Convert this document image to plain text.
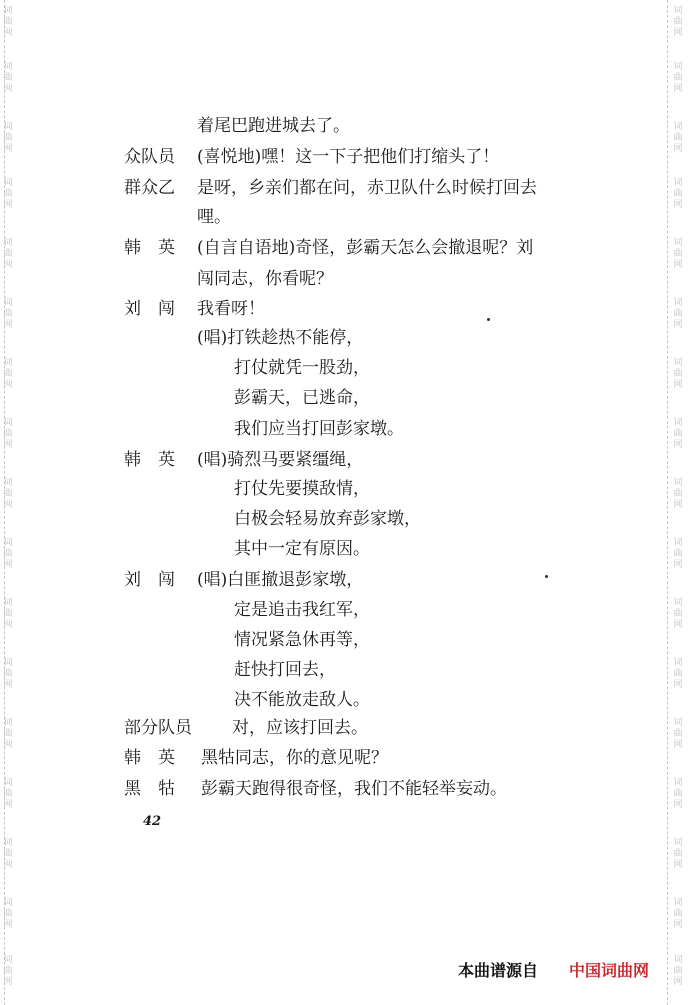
词
曲
网
词
曲
网
词
曲
网
词
曲
网
词
曲
网
词
曲
网
词
曲
网
词
曲
网
词
曲
网
词
曲
网
词
曲
网
词
曲
网
词
曲
网
词
曲
网
词
曲
网
词
曲
网
词
曲
网
词
曲
网
词
曲
网
词
曲
网
词
曲
网
词
曲
网
词
曲
网
词
曲
网
词
曲
网
词
曲
网
词
曲
网
词
曲
网
词
曲
网
词
曲
网
词
曲
网
词
曲
网
词
曲
网
词
曲
网
着尾巴跑进城去了。
众队员 (喜悦地)嘿！这一下子把他们打缩头了！
群众乙 是呀，乡亲们都在问，赤卫队什么时候打回去
哩。
韩　英 (自言自语地)奇怪，彭霸天怎么会撤退呢？刘
闯同志，你看呢？
刘　闯 我看呀！
(唱)打铁趁热不能停，
打仗就凭一股劲，
彭霸天，已逃命，
我们应当打回彭家墩。
韩　英 (唱)骑烈马要紧缰绳，
打仗先要摸敌情，
白极会轻易放弃彭家墩，
其中一定有原因。
刘　闯 (唱)白匪撤退彭家墩，
定是追击我红军，
情况紧急休再等，
赶快打回去，
决不能放走敌人。
部分队员 对，应该打回去。
韩　英 黑牯同志，你的意见呢？
黑　牯 彭霸天跑得很奇怪，我们不能轻举妄动。
42
本曲谱源自 中国词曲网
